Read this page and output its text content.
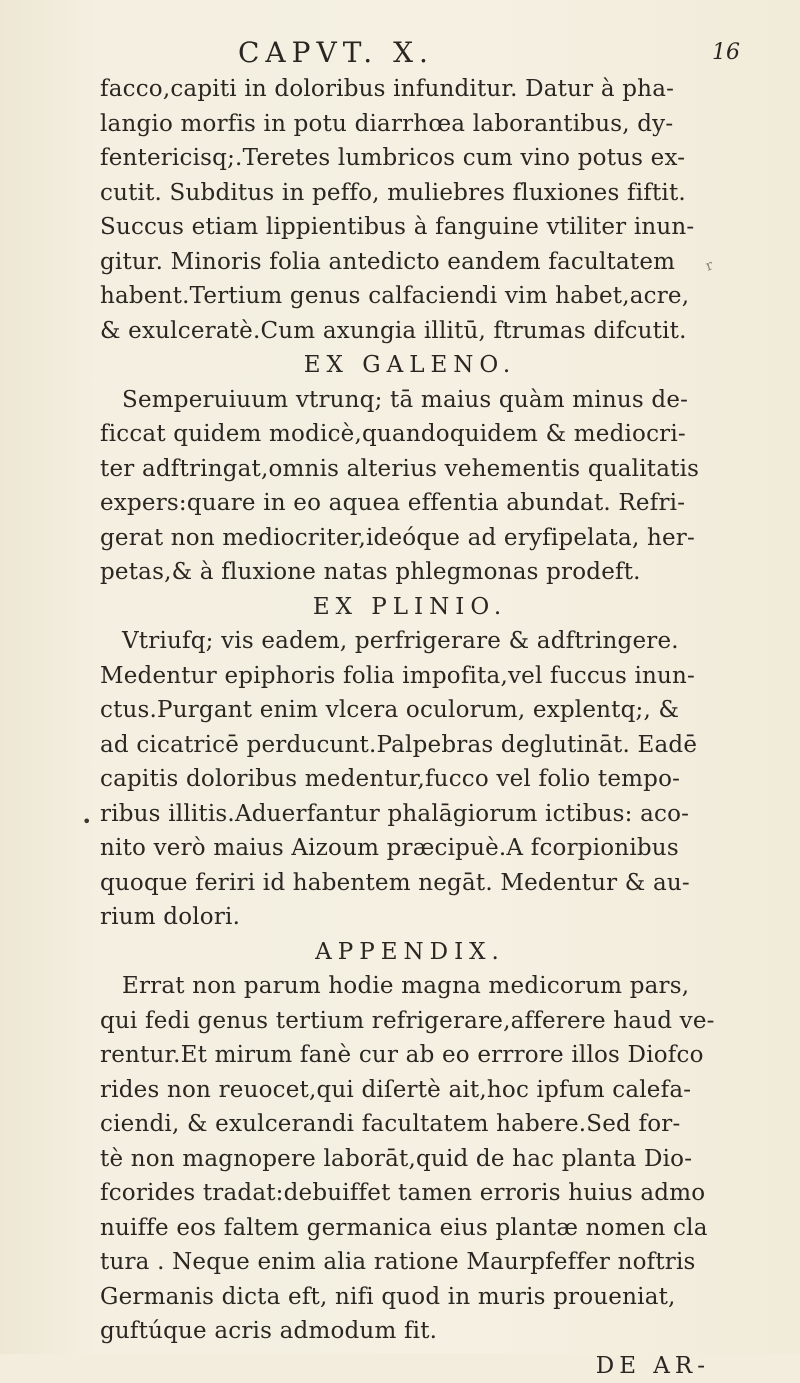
CAPVT. X.	16
r
•
facco,capiti in doloribus infunditur. Datur à pha-
langio morfis in potu diarrhœa laborantibus, dy-
fentericisq;.Teretes lumbricos cum vino potus ex-
cutit. Subditus in peffo, muliebres fluxiones fiftit.
Succus etiam lippientibus à fanguine vtiliter inun-
gitur. Minoris folia antedicto eandem facultatem
habent.Tertium genus calfaciendi vim habet,acre,
& exulceratè.Cum axungia illitū, ftrumas difcutit.
EX GALENO.
Semperuiuum vtrunq; tā maius quàm minus de-
ficcat quidem modicè,quandoquidem & mediocri-
ter adftringat,omnis alterius vehementis qualitatis
expers:quare in eo aquea effentia abundat. Refri-
gerat non mediocriter,ideóque ad eryfipelata, her-
petas,& à fluxione natas phlegmonas prodeft.
EX PLINIO.
Vtriufq; vis eadem, perfrigerare & adftringere.
Medentur epiphoris folia impofita,vel fuccus inun-
ctus.Purgant enim vlcera oculorum, explentq;, &
ad cicatricē perducunt.Palpebras deglutināt. Eadē
capitis doloribus medentur,fucco vel folio tempo-
ribus illitis.Aduerfantur phalāgiorum ictibus: aco-
nito verò maius Aizoum præcipuè.A fcorpionibus
quoque feriri id habentem negāt. Medentur & au-
rium dolori.
APPENDIX.
Errat non parum hodie magna medicorum pars,
qui fedi genus tertium refrigerare,afferere haud ve-
rentur.Et mirum fanè cur ab eo errrore illos Diofco
rides non reuocet,qui diſertè ait,hoc ipfum calefa-
ciendi, & exulcerandi facultatem habere.Sed for-
tè non magnopere laborāt,quid de hac planta Dio-
fcorides tradat:debuiffet tamen erroris huius admo
nuiffe eos faltem germanica eius plantæ nomen cla
tura . Neque enim alia ratione Maurpfeffer noftris
Germanis dicta eft, nifi quod in muris proueniat,
guftúque acris admodum fit.
DE AR-
